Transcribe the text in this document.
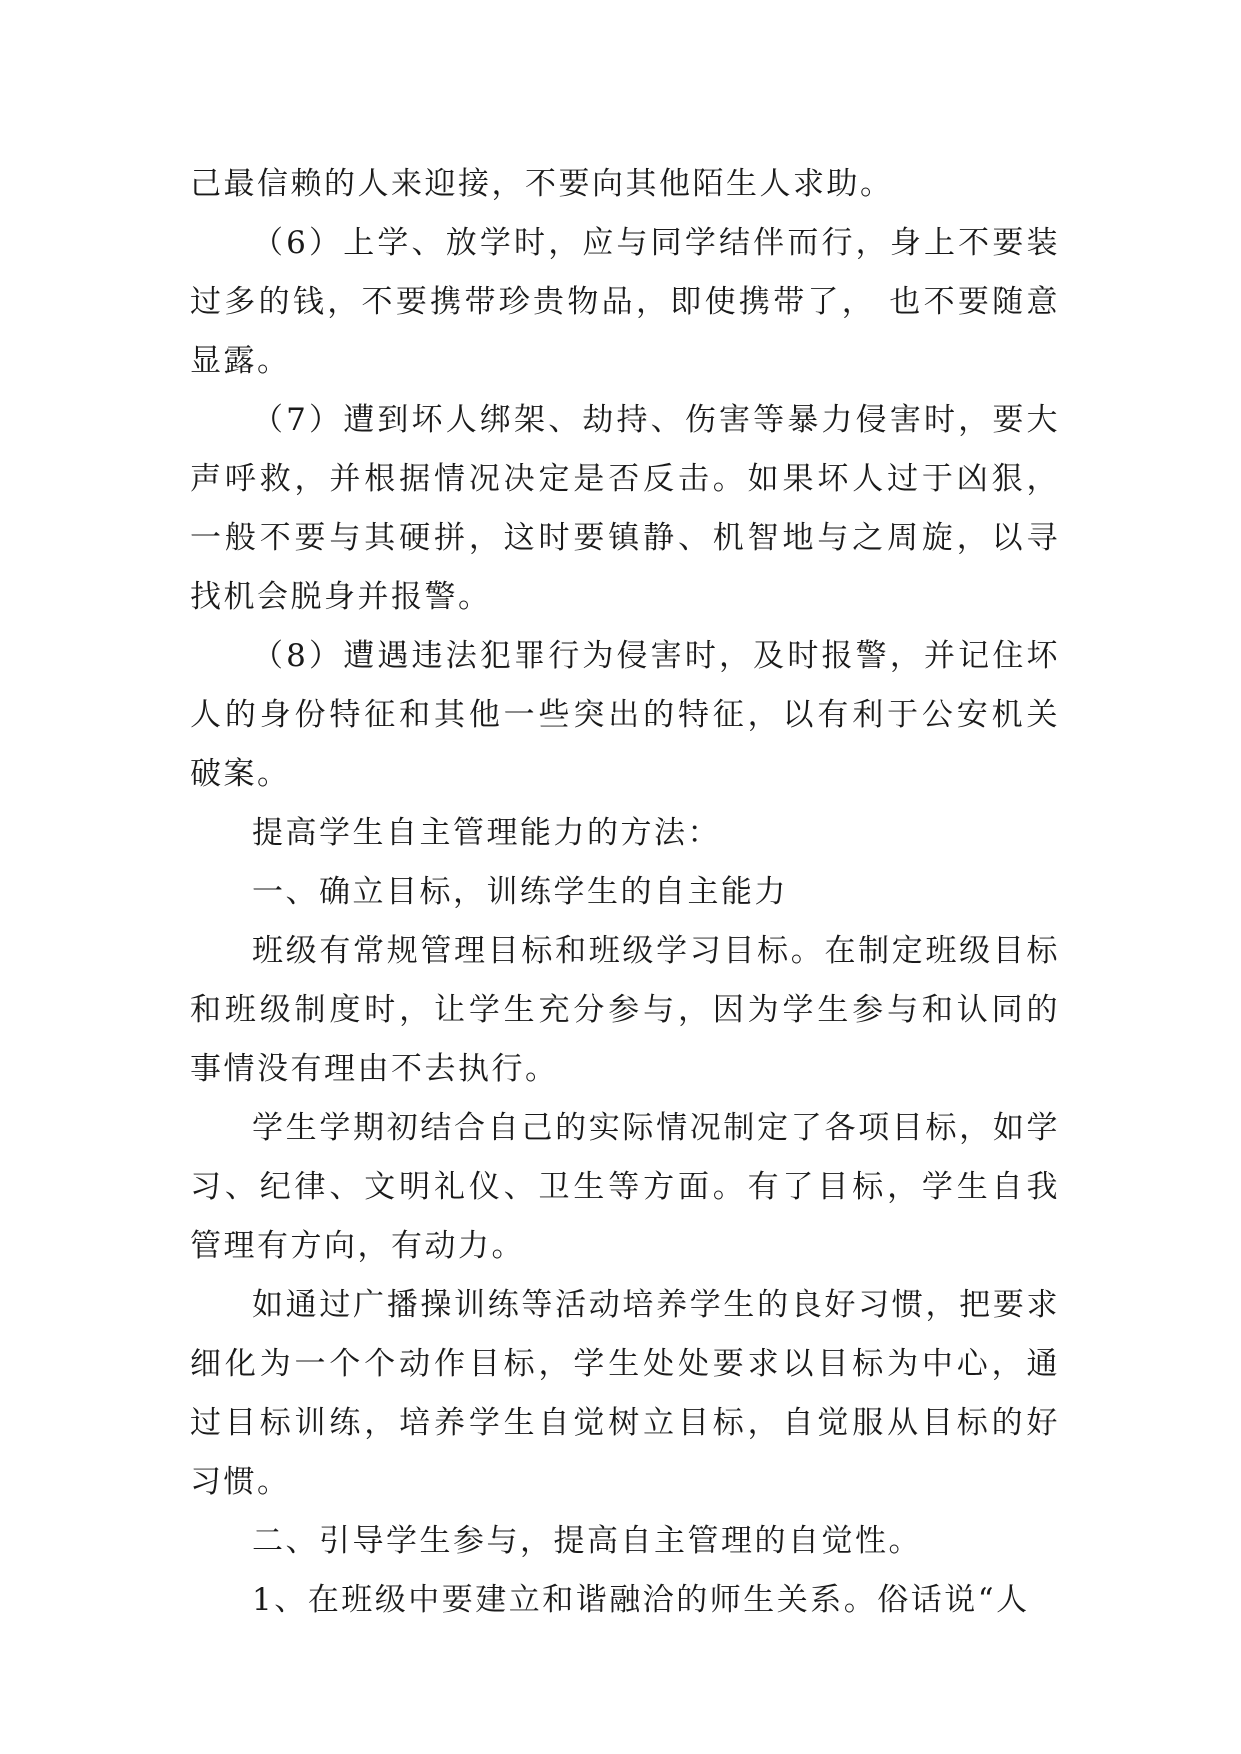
己最信赖的人来迎接，不要向其他陌生人求助。

（6）上学、放学时，应与同学结伴而行，身上不要装过多的钱，不要携带珍贵物品，即使携带了， 也不要随意显露。

（7）遭到坏人绑架、劫持、伤害等暴力侵害时，要大声呼救，并根据情况决定是否反击。如果坏人过于凶狠，一般不要与其硬拼，这时要镇静、机智地与之周旋，以寻找机会脱身并报警。

（8）遭遇违法犯罪行为侵害时，及时报警，并记住坏人的身份特征和其他一些突出的特征，以有利于公安机关破案。

提高学生自主管理能力的方法：

一、确立目标，训练学生的自主能力

班级有常规管理目标和班级学习目标。在制定班级目标和班级制度时，让学生充分参与，因为学生参与和认同的事情没有理由不去执行。

学生学期初结合自己的实际情况制定了各项目标，如学习、纪律、文明礼仪、卫生等方面。有了目标，学生自我管理有方向，有动力。

如通过广播操训练等活动培养学生的良好习惯，把要求细化为一个个动作目标，学生处处要求以目标为中心，通过目标训练，培养学生自觉树立目标，自觉服从目标的好习惯。

二、引导学生参与，提高自主管理的自觉性。

1、在班级中要建立和谐融洽的师生关系。俗话说“人
